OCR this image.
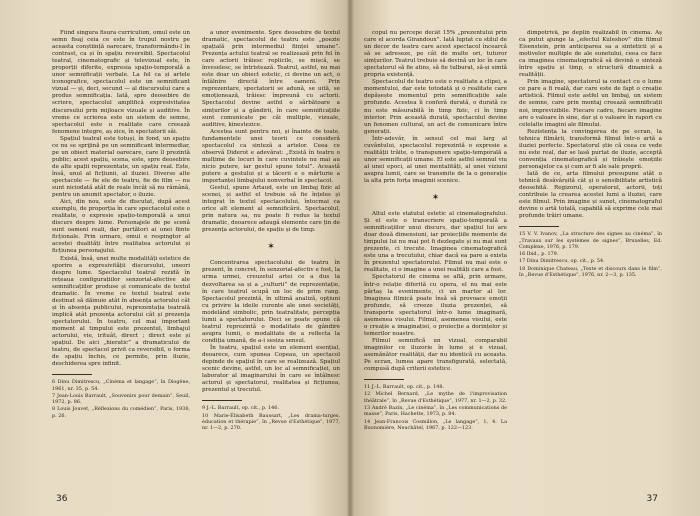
Fiind singura fisura curriculum, omul este un semn fisaj ceia ce este în trupul nostru pe aceasta conștiință oarecare, transformându-l în contrast, ca și în spațiu reversibil. Spectacolul teatral, cinematografic și televizual este, în proporții diferite, expresia spațio-temporală a unor semnificații verbale. La fel ca și artele iconografice, spectacolul este un semnificant vizual — și, deci, secund — al discursului care a produs semnificația. Iată, spre deosebire de scriere, spectacolul amplifică expresivitatea discursului prin mijloace vizuale și auditive. În vreme ce scrierea este un sistem de semne, spectacolul este o realitate care creează fenomene integre, aș zice, în spectatorii săi.

Spațiul teatral este totuși, în fond, un spațiu ce nu se sprijină pe un semnificant intermediar, pe un obiect material oarecare, care îl prezintă public; acest spațiu, scena, este, spre deosebire de alte spații reprezentate, un spațiu real. Este, însă, unul al ficțiunii, al iluziei. Diverse alte spectacole — fie ele de teatru, fie de film — nu sunt niciodată atât de reale încât să nu rămână, pentru un anumit spectator, o iluzie.

Aici, din nou, este de discutat, după acest exemplu, de proporția în care spectacolul este o realitate, o expresie spațio-temporală a unui discurs despre lume. Personajele de pe scenă sunt oameni reali, dar purtători ai unei fiinte ficționale. Prin urmare, omul e respingtor al acestei dualități între realitatea actorului și ficțiunea personajului.

Există, însă, unei multe modalități estetice de sporire a expresivității discursului, uneori despre lume. Spectacolul teatral rezidă în rețeaua configurațiilor senzorial-afective ale semnificațiilor produse și comunicate de textul dramatic. În vreme ce textul teatral este destinat să dăinuie atât în absența actorului cât și în absența publicului, reprezentația teatrală implică atât prezența actorului cât și prezența spectatorului. În teatru, cel mai important moment al timpului este prezentul, limbajul actorului, vie, irituât, direct ; direct este și spațiul. De aici „hieratic” a dramaticului de teatru, de spectacol privit ca reversibil, o forma de spațiu închis, ce permite, prin iluzie, deschiderea spre infinit.

6 Dinu Dimitrescu, „Cinéma et langage”, în Diogène, 1961, nr. 35, p. 54.

7 Jean-Louis Barrault, „Souvenirs pour demain”, Seuil, 1972, p. 86.

8 Louis Jouvet, „Réflexions du comédien”, Paris, 1938, p. 26.

a unor evenimente. Spre deosebire de textul dramatic, spectacolul de teatru este „poezie spațială prin intermediul ființei umane”. Prezența actului teatral se realizează prin fel în care actorii trăiesc replicile, se mișcă, se înveselesc, se întristează. Teatrul, astfel, nu mai este doar un obiect estetic, ci devine un act, o întâlnire directă între oameni. Prin reprezentare, spectatorii se adună, se uită, se emoționează, trăiesc împreună cu actorii. Spectacolul devine astfel o sărbătoare a simțurilor și a gândirii, în care semnificațiile sunt comunicate pe căi multiple, vizuale, auditive, kinestezice.

Acestea sunt pentru noi, și înainte de toate, fundamentele unei teorii ce consideră spectacolul ca sinteză a artelor. Ceea ce observă Diderot e adevărat: „Există în teatru o mulțime de locuri în care cuvintele nu mai au nicio putere, iar gestul spune totul”. Această putere a gestului și a tăcerii e o mărturie a importanței limbajului nonverbal în spectacol.

Gestul, spune Artaud, este un limbaj fizic al scenei, și astfel el trebuie să fie înțeles și integrat în textul spectacolului, întocmai ca orice alt element al semnificării. Spectacolul, prin natura sa, nu poate fi redus la textul dramatic, deoarece adaugă elemente care țin de prezența actorului, de spațiu și de timp.

✶

Concentrarea spectacolului de teatru în prezent, în concret, în senzorial-afectiv e fost, la urma urmei, creuzetul artei ce a dus la dezvoltarea sa și a „culturii” de reprezentație, în care teatrul ocupă un loc de prim rang. Spectacolul prezintă, în ultimă analiză, opțiuni cu privire la ideile curente ale unei societăți, modelând simbolic, prin teatralitate, percepția lumii a spectatorului. Deci se poate spune că teatrul reprezintă o modalitate de gândire asupra lumii, o modalitate de a reflecta la condiția umană, de a-i sesiza sensul.

În teatru, spațiul este un element esențial, deoarece, cum spunea Copeau, un spectacol depinde de spațiul în care se realizează. Spațiul scenic devine, astfel, un loc al semnificației, un laborator al imaginarului în care se întâlnesc actorul și spectatorul, realitatea și ficțiunea, prezentul și trecutul.

9 J.-L. Barrault, op. cit., p. 146.

10 Marie-Élisabeth Baussart, „Les drama-turges, éducation et thérapie”, în „Revue d'Esthétique”, 1977, nr. 1—2, p. 270.

36

copul nu percepe decât 15% „prezentului prin care el acorda Girandoux”. Iată luptat cu stilul de un decor de teatru care acest spectacol încearcă să se adreseze, pe cât de multe ori, tuturor simțurilor. Teatrul trebuie să devină un loc în care spectatorul să fie atins, să fie tulburat, să-și simtă propria existență.

Spectacolul de teatru este o realitate a clipei, a momentului, dar este totodată și o realitate care depășește momentul prin semnificațiile sale profunde. Acestea îi conferă durată, o durată ce nu este măsurabilă în timp fizic, ci în timp interior. Prin această durată, spectacolul devine un fenomen cultural, un act de comunicare între generații.

Într-adevăr, în sensul cel mai larg al cuvântului, spectacolul reprezintă o expresie a realității trăite, o transpunere spațio-temporală a unor semnificații umane. El este astfel semnul viu al unei epoci, al unei mentalități, al unei viziuni asupra lumii, care se transmite de la o generație la alta prin forța imaginii scenice.

✶

Altul este statutul estetic al cinematografului. Și el este o transcriere spațio-temporală a semnificațiilor unui discurs, dar spațiul lui are doar două dimensiuni, iar proiecțiile momente de timpului lui nu mai pot fi dezlegate și nu mai sunt prezente, ci trecute. Imaginea cinematografică este una a trecutului, chiar dacă ea pare a exista în prezentul spectatorului. Filmul nu mai este o realitate, ci o imagine a unei realități care a fost.

Spectatorul de cinema se află, prin urmare, într-o relație diferită cu opera, el nu mai este părtaș la evenimente, ci un martor al lor. Imaginea filmică poate însă să provoace emoții profunde, să creeze iluzia prezenței, să transporte spectatorul într-o lume imaginară, asemenea visului. Filmul, asemenea visului, este o creație a imaginației, o proiecție a dorințelor și temerilor noastre.

Filmul semnifică un vizual, comparabil imaginilor ce iluzorie în lume și e vizual, asemănător realității, dar nu identică cu aceasta. Pe ecran, lumea apare transfigurată, selectată, compusă după criterii estetice.

11 J.-L. Barrault, op. cit., p. 148.

12 Michel Bernard, „Le mythe de l'improvisation théâtrale”, în „Revue d'Esthétique”, 1977, nr. 1—2, p. 32.

13 André Bazin, „Le cinéma”, în „Les communications de masse”, Paris, Hachette, 1973, p. 84.

14 Jean-Francois Cosmillon, „Le langage”, 1, 4. La Buonomière, Neuchâtel, 1967, p. 122—123.

dimpotrivă, pe deplin realizabil în cinema. Aș ca putut ajunge la „efectul Kuleshov” din filmul Eisenstein, prin anticiparea sa a sinteticii și a motivelor multiple de ale sunetului, ceea ce face ca imaginea cinematografică să devină o sinteză între spațiu și timp, o structură dinamică a realității.

Prin imagine, spectatorul ia contact cu o lume ce pare a fi reală, dar care este de fapt o creație artistică. Filmul este astfel un limbaj, un sistem de semne, care prin montaj creează semnificații noi, imprevizibile. Fiecare cadru, fiecare imagine are o valoare în sine, dar și o valoare în raport cu celelalte imagini ale filmului.

Rezistența la convingerea de pe ecran, la tehnica filmării, transformă filmul într-o artă a iluziei perfecte. Spectatorul știe că ceea ce vede nu este real, dar se lasă purtat de iluzie, acceptă convenția cinematografică și trăiește emoțiile personajelor ca și cum ar fi ale sale proprii.

Iată de ce, arta filmului presupune atât o tehnică desăvârșită cât și o sensibilitate artistică deosebită. Regizorul, operatorul, actorii, toți contribuie la crearea acestei lumi a iluziei, care este filmul. Prin imagine și sunet, cinematograful devine o artă totală, capabilă să exprime cele mai profunde trăiri umane.

15 V. V. Ivanov, „La structure des signes au cinéma”, în „Travaux sur les systèmes de signes”, Bruxelles, Ed. Complexe, 1976, p. 179.

16 Ibid., p. 179.

17 Dinu Dimitrescu, op. cit., p. 54.

18 Dominique Chateau, „Texte et discours dans le film”, în „Revue d'Esthétique”, 1976, nr. 2—3, p. 135.

37
